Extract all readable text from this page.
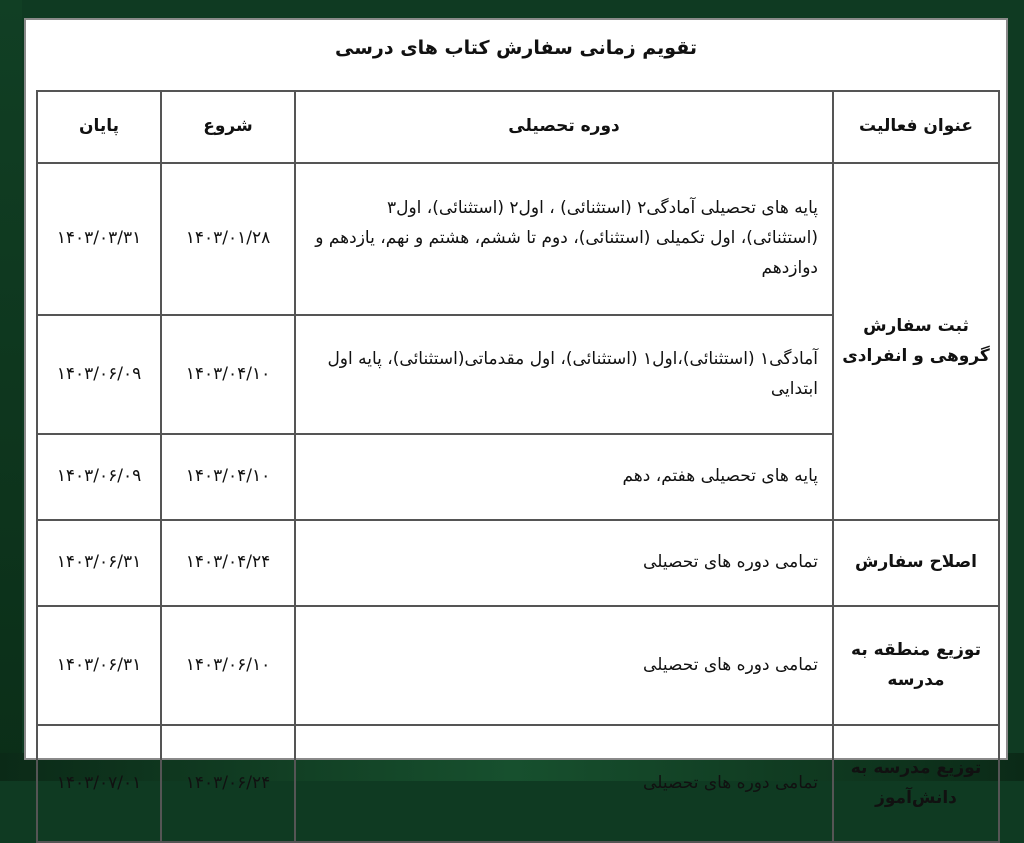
تقویم زمانی سفارش کتاب های درسی
عنوان فعالیت	دوره تحصیلی	شروع	پایان
ثبت سفارش گروهی و انفرادی	پایه های تحصیلی آمادگی۲ (استثنائی) ، اول۲ (استثنائی)، اول۳ (استثنائی)، اول تکمیلی (استثنائی)، دوم تا ششم، هشتم و نهم، یازدهم و دوازدهم	۱۴۰۳/۰۱/۲۸	۱۴۰۳/۰۳/۳۱
	آمادگی۱ (استثنائی)،اول۱ (استثنائی)، اول مقدماتی(استثنائی)، پایه اول ابتدایی	۱۴۰۳/۰۴/۱۰	۱۴۰۳/۰۶/۰۹
	پایه های تحصیلی هفتم، دهم	۱۴۰۳/۰۴/۱۰	۱۴۰۳/۰۶/۰۹
اصلاح سفارش	تمامی دوره های تحصیلی	۱۴۰۳/۰۴/۲۴	۱۴۰۳/۰۶/۳۱
توزیع منطقه به مدرسه	تمامی دوره های تحصیلی	۱۴۰۳/۰۶/۱۰	۱۴۰۳/۰۶/۳۱
توزیع مدرسه به دانش‌آموز	تمامی دوره های تحصیلی	۱۴۰۳/۰۶/۲۴	۱۴۰۳/۰۷/۰۱
